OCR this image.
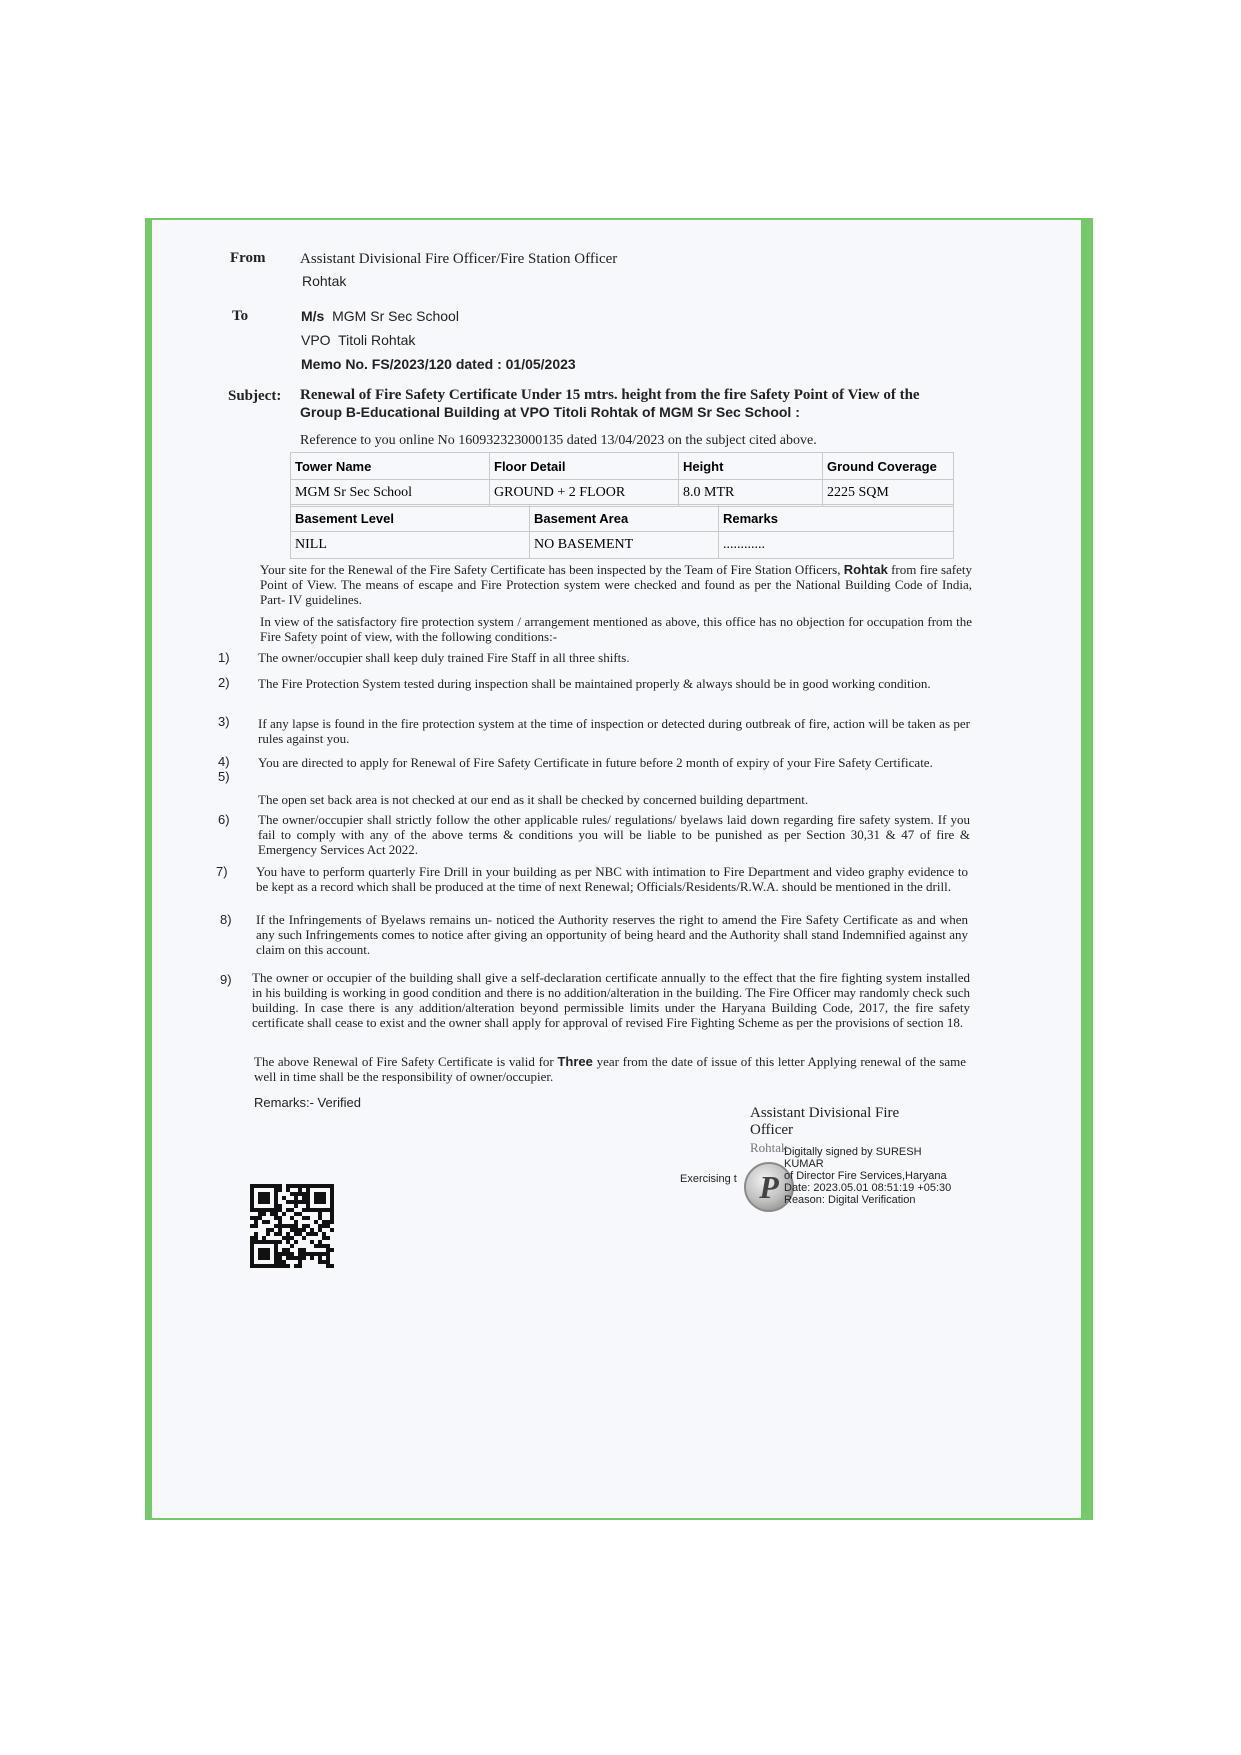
From Assistant Divisional Fire Officer/Fire Station Officer
Rohtak
To	M/s MGM Sr Sec School
VPO Titoli Rohtak
Memo No. FS/2023/120 dated : 01/05/2023
Subject: Renewal of Fire Safety Certificate Under 15 mtrs. height from the fire Safety Point of View of the
Group B-Educational Building at VPO Titoli Rohtak of MGM Sr Sec School :
Reference to you online No 160932323000135 dated 13/04/2023 on the subject cited above.
Tower Name	Floor Detail	Height	Ground Coverage
MGM Sr Sec School	GROUND + 2 FLOOR	8.0 MTR	2225 SQM
Basement Level	Basement Area	Remarks
NILL	NO BASEMENT	............
Your site for the Renewal of the Fire Safety Certificate has been inspected by the Team of Fire Station Officers, Rohtak from fire safety Point of View. The means of escape and Fire Protection system were checked and found as per the National Building Code of India, Part- IV guidelines.
In view of the satisfactory fire protection system / arrangement mentioned as above, this office has no objection for occupation from the Fire Safety point of view, with the following conditions:-
1) The owner/occupier shall keep duly trained Fire Staff in all three shifts.
2) The Fire Protection System tested during inspection shall be maintained properly & always should be in good working condition.
3) If any lapse is found in the fire protection system at the time of inspection or detected during outbreak of fire, action will be taken as per rules against you.
4) You are directed to apply for Renewal of Fire Safety Certificate in future before 2 month of expiry of your Fire Safety Certificate.
5)
The open set back area is not checked at our end as it shall be checked by concerned building department.
6) The owner/occupier shall strictly follow the other applicable rules/ regulations/ byelaws laid down regarding fire safety system. If you fail to comply with any of the above terms & conditions you will be liable to be punished as per Section 30,31 & 47 of fire & Emergency Services Act 2022.
7) You have to perform quarterly Fire Drill in your building as per NBC with intimation to Fire Department and video graphy evidence to be kept as a record which shall be produced at the time of next Renewal; Officials/Residents/R.W.A. should be mentioned in the drill.
8) If the Infringements of Byelaws remains un- noticed the Authority reserves the right to amend the Fire Safety Certificate as and when any such Infringements comes to notice after giving an opportunity of being heard and the Authority shall stand Indemnified against any claim on this account.
9) The owner or occupier of the building shall give a self-declaration certificate annually to the effect that the fire fighting system installed in his building is working in good condition and there is no addition/alteration in the building. The Fire Officer may randomly check such building. In case there is any addition/alteration beyond permissible limits under the Haryana Building Code, 2017, the fire safety certificate shall cease to exist and the owner shall apply for approval of revised Fire Fighting Scheme as per the provisions of section 18.
The above Renewal of Fire Safety Certificate is valid for Three year from the date of issue of this letter Applying renewal of the same well in time shall be the responsibility of owner/occupier.
Remarks:- Verified
Assistant Divisional Fire
Officer
Rohtak
Exercising t P
Digitally signed by SURESH
KUMAR
of Director Fire Services,Haryana
Date: 2023.05.01 08:51:19 +05:30
Reason: Digital Verification
